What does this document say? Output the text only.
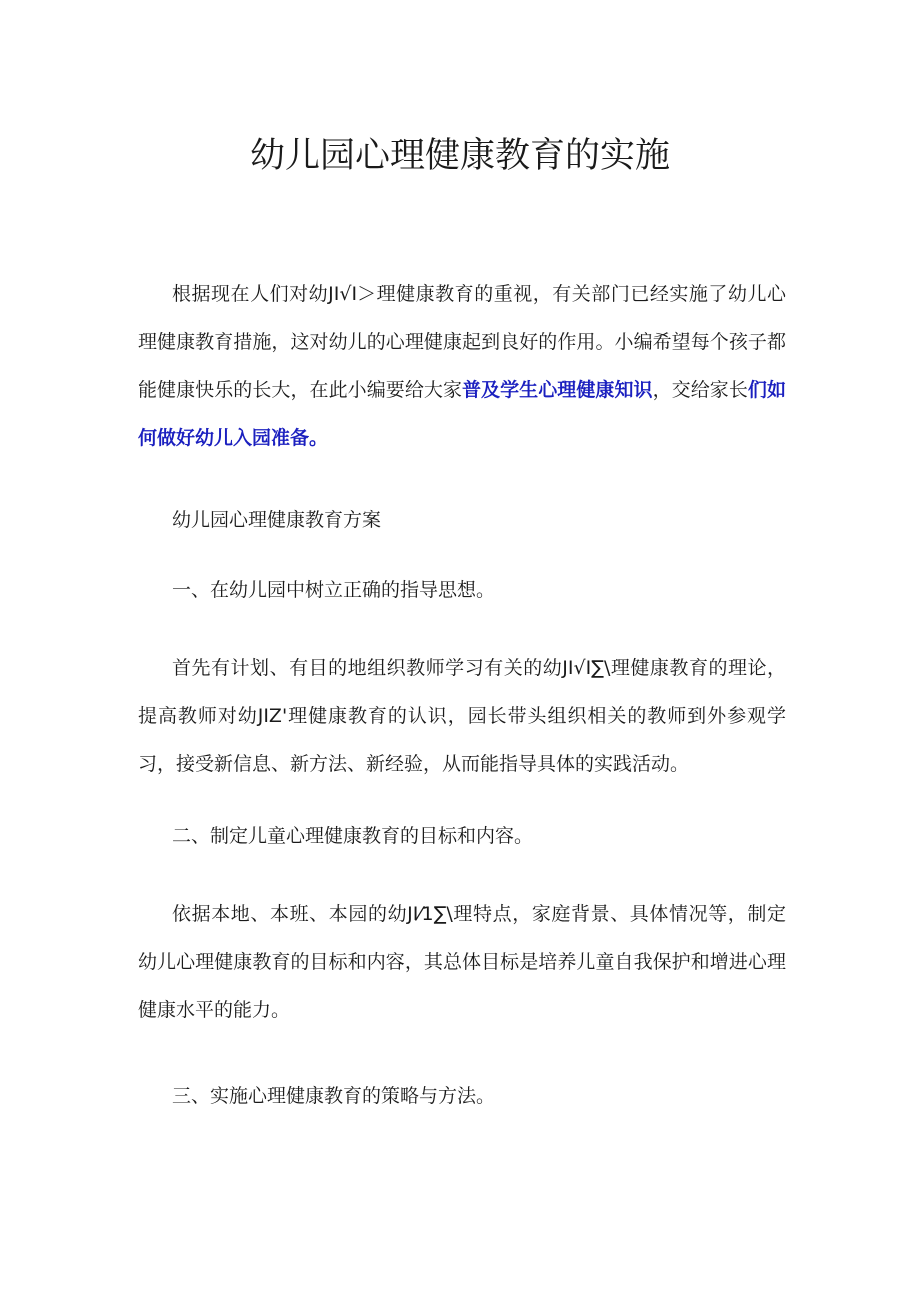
幼儿园心理健康教育的实施

根据现在人们对幼JI√I＞理健康教育的重视，有关部门已经实施了幼儿心理健康教育措施，这对幼儿的心理健康起到良好的作用。小编希望每个孩子都能健康快乐的长大，在此小编要给大家普及学生心理健康知识，交给家长们如何做好幼儿入园准备。

幼儿园心理健康教育方案

一、在幼儿园中树立正确的指导思想。

首先有计划、有目的地组织教师学习有关的幼JI√I∑\理健康教育的理论，提高教师对幼JIZ'理健康教育的认识，园长带头组织相关的教师到外参观学习，接受新信息、新方法、新经验，从而能指导具体的实践活动。

二、制定儿童心理健康教育的目标和内容。

依据本地、本班、本园的幼JI⁄1∑\理特点，家庭背景、具体情况等，制定幼儿心理健康教育的目标和内容，其总体目标是培养儿童自我保护和增进心理健康水平的能力。

三、实施心理健康教育的策略与方法。
